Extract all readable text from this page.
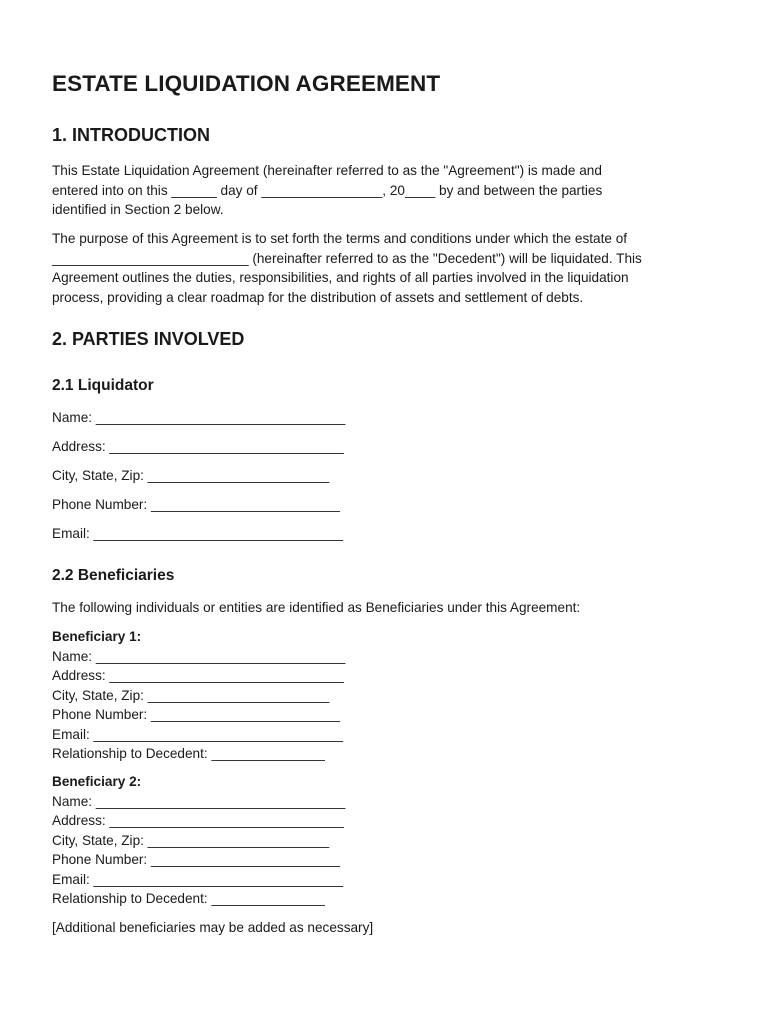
ESTATE LIQUIDATION AGREEMENT
1. INTRODUCTION
This Estate Liquidation Agreement (hereinafter referred to as the "Agreement") is made and
entered into on this ______ day of ________________, 20____ by and between the parties
identified in Section 2 below.
The purpose of this Agreement is to set forth the terms and conditions under which the estate of
__________________________ (hereinafter referred to as the "Decedent") will be liquidated. This
Agreement outlines the duties, responsibilities, and rights of all parties involved in the liquidation
process, providing a clear roadmap for the distribution of assets and settlement of debts.
2. PARTIES INVOLVED
2.1 Liquidator
Name: _________________________________
Address: _______________________________
City, State, Zip: ________________________
Phone Number: _________________________
Email: _________________________________
2.2 Beneficiaries
The following individuals or entities are identified as Beneficiaries under this Agreement:
Beneficiary 1:
Name: _________________________________
Address: _______________________________
City, State, Zip: ________________________
Phone Number: _________________________
Email: _________________________________
Relationship to Decedent: _______________
Beneficiary 2:
Name: _________________________________
Address: _______________________________
City, State, Zip: ________________________
Phone Number: _________________________
Email: _________________________________
Relationship to Decedent: _______________
[Additional beneficiaries may be added as necessary]
